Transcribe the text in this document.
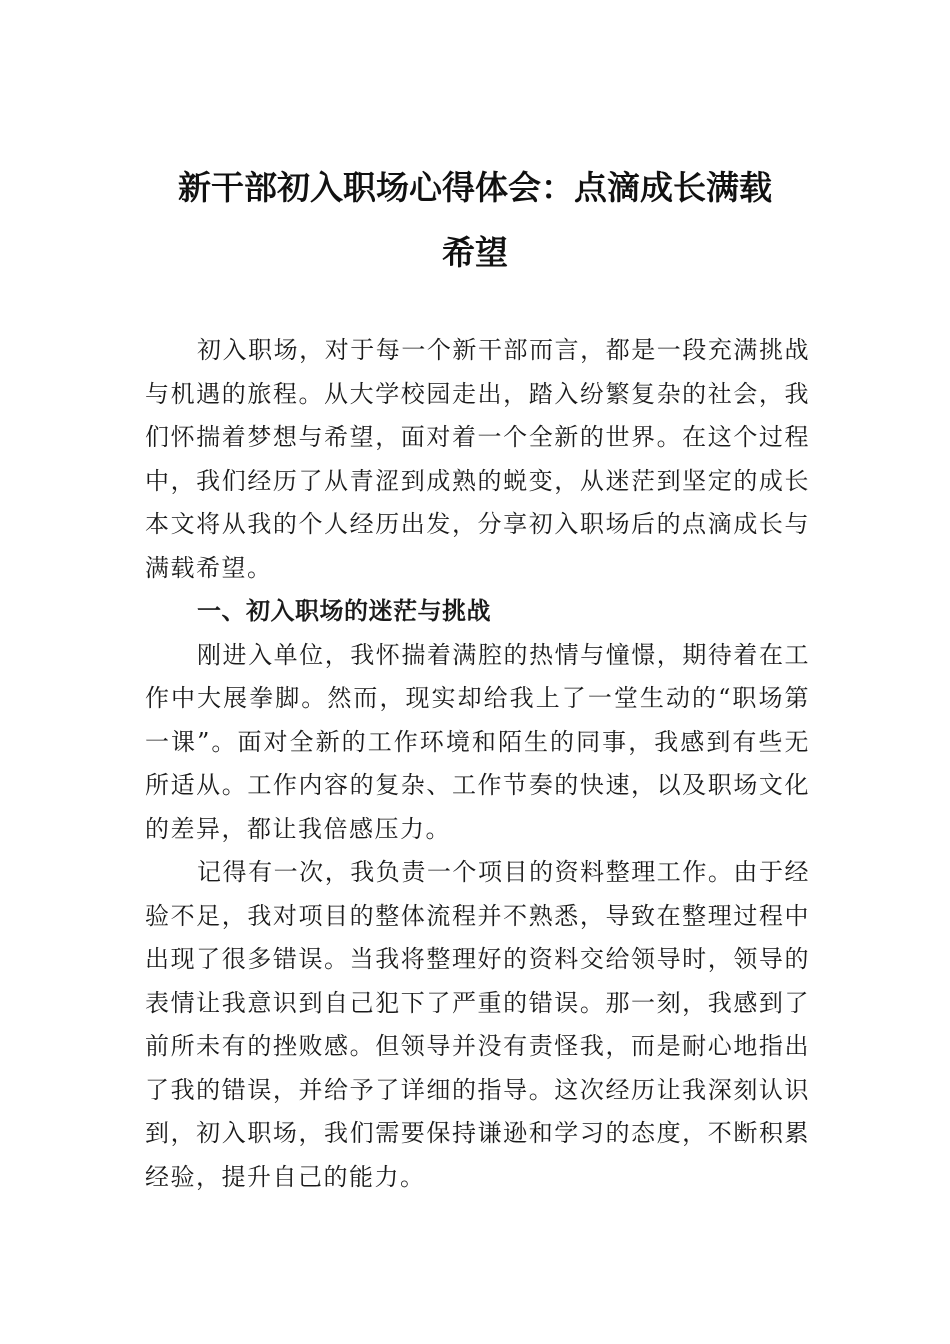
新干部初入职场心得体会：点滴成长满载
希望

初入职场，对于每一个新干部而言，都是一段充满挑战与机遇的旅程。从大学校园走出，踏入纷繁复杂的社会，我们怀揣着梦想与希望，面对着一个全新的世界。在这个过程中，我们经历了从青涩到成熟的蜕变，从迷茫到坚定的成长本文将从我的个人经历出发，分享初入职场后的点滴成长与满载希望。

一、初入职场的迷茫与挑战

刚进入单位，我怀揣着满腔的热情与憧憬，期待着在工作中大展拳脚。然而，现实却给我上了一堂生动的“职场第一课”。面对全新的工作环境和陌生的同事，我感到有些无所适从。工作内容的复杂、工作节奏的快速，以及职场文化的差异，都让我倍感压力。

记得有一次，我负责一个项目的资料整理工作。由于经验不足，我对项目的整体流程并不熟悉，导致在整理过程中出现了很多错误。当我将整理好的资料交给领导时，领导的表情让我意识到自己犯下了严重的错误。那一刻，我感到了前所未有的挫败感。但领导并没有责怪我，而是耐心地指出了我的错误，并给予了详细的指导。这次经历让我深刻认识到，初入职场，我们需要保持谦逊和学习的态度，不断积累经验，提升自己的能力。
